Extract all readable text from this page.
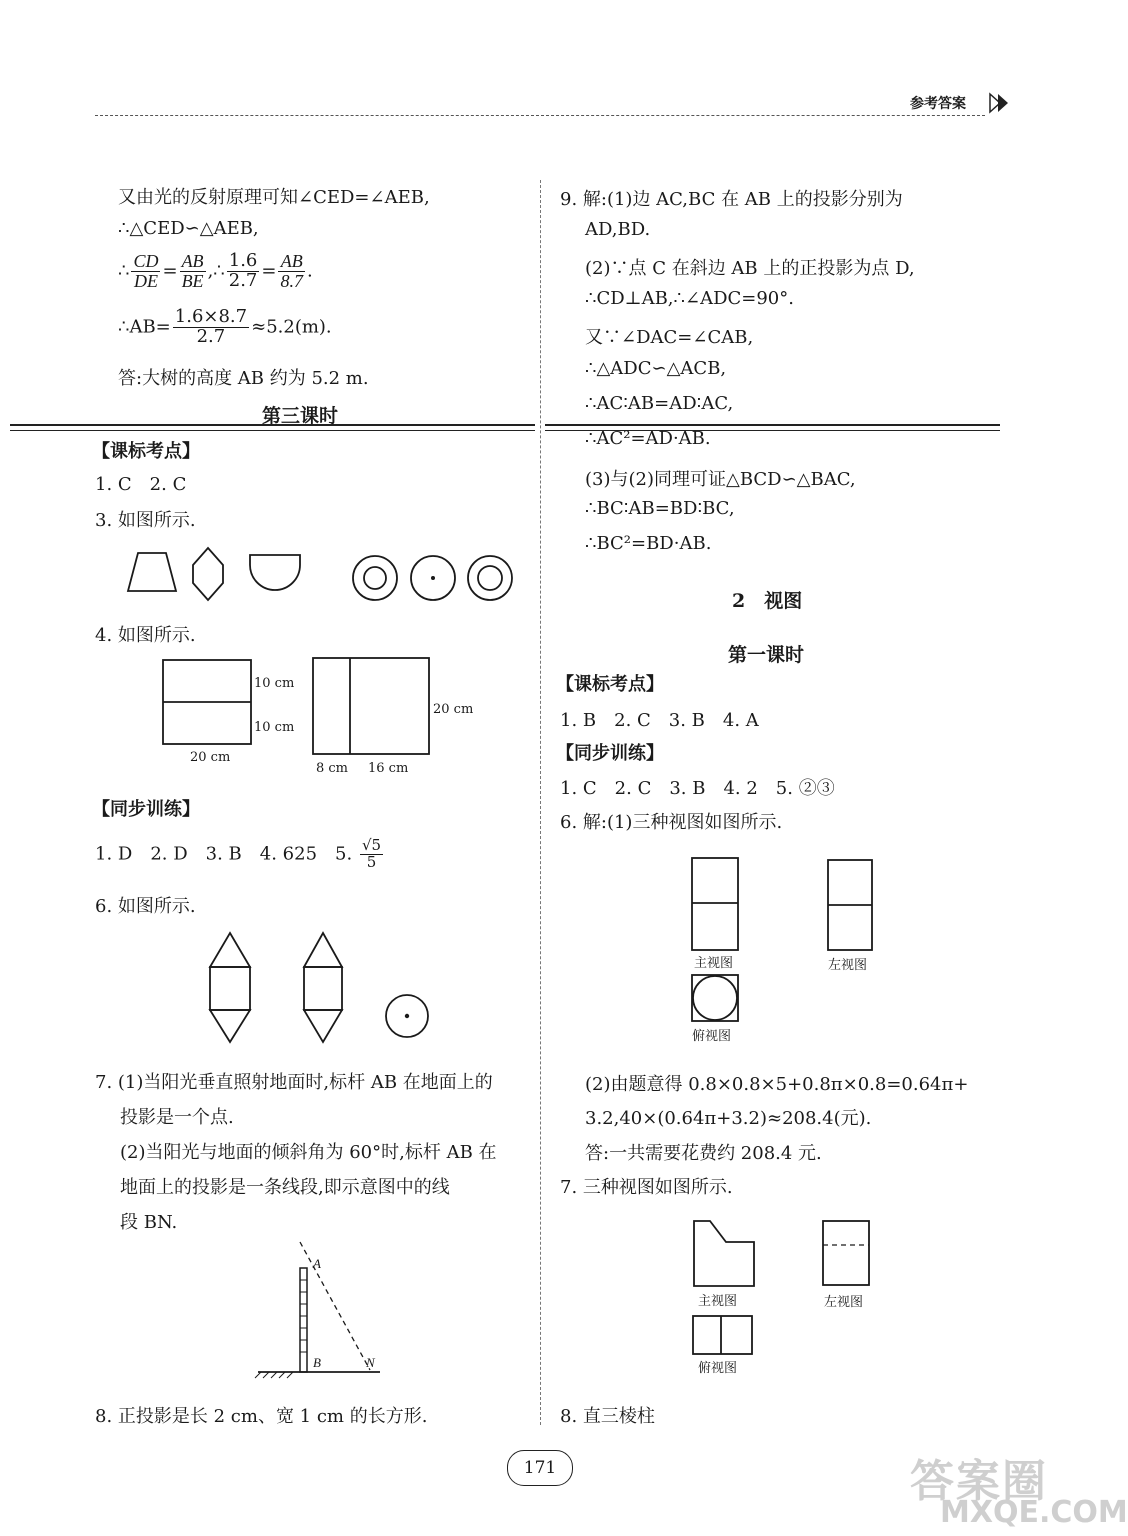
参考答案
又由光的反射原理可知∠CED=∠AEB,
∴△CED∽△AEB,
∴ $\frac{CD}{DE} = \frac{AB}{BE}$ ,∴ $\frac{1.6}{2.7} = \frac{AB}{8.7}$ .
∴AB= $\frac{1.6\times 8.7}{2.7} \approx 5.2(m)$.
答:大树的高度 AB 约为 5.2 m.
第三课时
【课标考点】
1. C　2. C
3. 如图所示.
4. 如图所示.
10 cm
10 cm
20 cm
20 cm
8 cm 16 cm
【同步训练】
1. D　2. D　3. B　4. 625　5. $\frac{√5}{5}$
6. 如图所示.
7. (1)当阳光垂直照射地面时,标杆 AB 在地面上的
投影是一个点.
(2)当阳光与地面的倾斜角为 60°时,标杆 AB 在
地面上的投影是一条线段,即示意图中的线
段 BN.
A
B	N
8. 正投影是长 2 cm、宽 1 cm 的长方形.
9. 解:(1)边 AC,BC 在 AB 上的投影分别为
AD,BD.
(2)∵点 C 在斜边 AB 上的正投影为点 D,
∴CD⊥AB,∴∠ADC=90°.
又∵∠DAC=∠CAB,
∴△ADC∽△ACB,
∴AC∶AB=AD∶AC,
∴AC²=AD·AB.
(3)与(2)同理可证△BCD∽△BAC,
∴BC∶AB=BD∶BC,
∴BC²=BD·AB.
2　视图
第一课时
【课标考点】
1. B　2. C　3. B　4. A
【同步训练】
1. C　2. C　3. B　4. 2　5. ②③
6. 解:(1)三种视图如图所示.
主视图	左视图
俯视图
(2)由题意得 0.8×0.8×5+0.8π×0.8=0.64π+
3.2,40×(0.64π+3.2)≈208.4(元).
答:一共需要花费约 208.4 元.
7. 三种视图如图所示.
主视图	左视图
俯视图
8. 直三棱柱
171	答案圈
MXQE.COM
